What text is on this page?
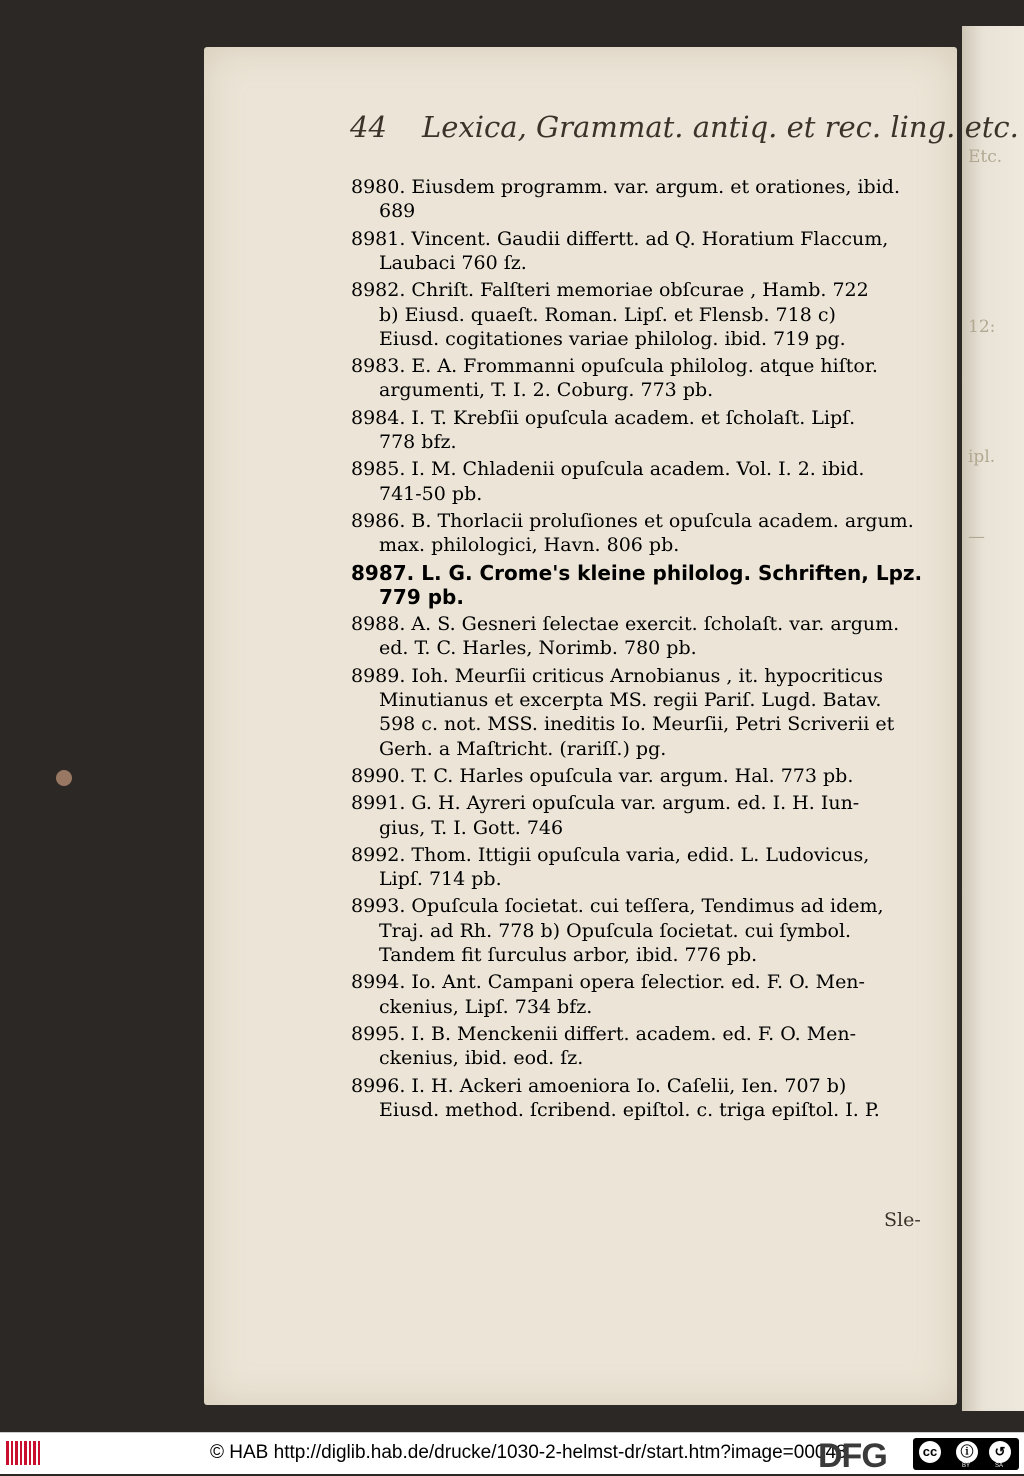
Etc.
12:
ipl.
—
44 Lexica, Grammat. antiq. et rec. ling. etc.
8980. Eiusdem programm. var. argum. et orationes, ibid.
689
8981. Vincent. Gaudii differtt. ad Q. Horatium Flaccum,
Laubaci 760 ſz.
8982. Chriſt. Falſteri memoriae obſcurae , Hamb. 722
b) Eiusd. quaeſt. Roman. Lipſ. et Flensb. 718 c)
Eiusd. cogitationes variae philolog. ibid. 719 pg.
8983. E. A. Frommanni opuſcula philolog. atque hiſtor.
argumenti, T. I. 2. Coburg. 773 pb.
8984. I. T. Krebſii opuſcula academ. et ſcholaſt. Lipſ.
778 bfz.
8985. I. M. Chladenii opuſcula academ. Vol. I. 2. ibid.
741-50 pb.
8986. B. Thorlacii proluſiones et opuſcula academ. argum.
max. philologici, Havn. 806 pb.
8987. L. G. Crome's kleine philolog. Schriften, Lpz.
779 pb.
8988. A. S. Gesneri ſelectae exercit. ſcholaſt. var. argum.
ed. T. C. Harles, Norimb. 780 pb.
8989. Ioh. Meurſii criticus Arnobianus , it. hypocriticus
Minutianus et excerpta MS. regii Pariſ. Lugd. Batav.
598 c. not. MSS. ineditis Io. Meurſii, Petri Scriverii et
Gerh. a Maſtricht. (rariſſ.) pg.
8990. T. C. Harles opuſcula var. argum. Hal. 773 pb.
8991. G. H. Ayreri opuſcula var. argum. ed. I. H. Iun-
gius, T. I. Gott. 746
8992. Thom. Ittigii opuſcula varia, edid. L. Ludovicus,
Lipſ. 714 pb.
8993. Opuſcula ſocietat. cui teſſera, Tendimus ad idem,
Traj. ad Rh. 778 b) Opuſcula ſocietat. cui ſymbol.
Tandem fit ſurculus arbor, ibid. 776 pb.
8994. Io. Ant. Campani opera ſelectior. ed. F. O. Men-
ckenius, Lipſ. 734 bfz.
8995. I. B. Menckenii differt. academ. ed. F. O. Men-
ckenius, ibid. eod. ſz.
8996. I. H. Ackeri amoeniora Io. Caſelii, Ien. 707 b)
Eiusd. method. ſcribend. epiſtol. c. triga epiſtol. I. P.
Sle-
© HAB http://diglib.hab.de/drucke/1030-2-helmst-dr/start.htm?image=00048
DFG	cc	ⓘ	↺
BY	SA
